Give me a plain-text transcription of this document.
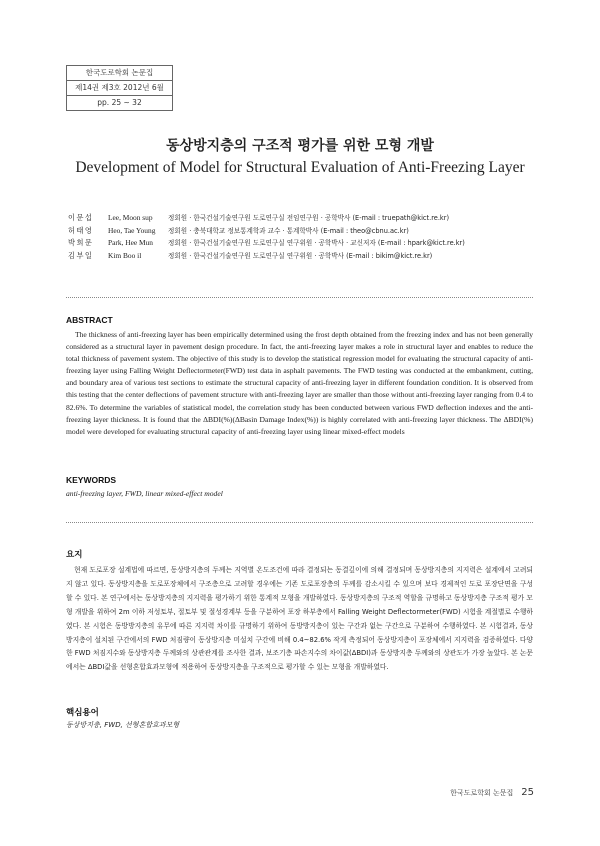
한국도로학회 논문집
제14권 제3호 2012년 6월
pp. 25 ~ 32
동상방지층의 구조적 평가를 위한 모형 개발
Development of Model for Structural Evaluation of Anti-Freezing Layer
이문섭	Lee, Moon sup	정회원 · 한국건설기술연구원 도로연구실 전임연구원 · 공학박사 (E-mail : truepath@kict.re.kr)
허태영	Heo, Tae Young	정회원 · 충북대학교 정보통계학과 교수 · 통계학박사 (E-mail : theo@cbnu.ac.kr)
박희문	Park, Hee Mun	정회원 · 한국건설기술연구원 도로연구실 연구위원 · 공학박사 · 교신저자 (E-mail : hpark@kict.re.kr)
김부일	Kim Boo il	정회원 · 한국건설기술연구원 도로연구실 연구위원 · 공학박사 (E-mail : bikim@kict.re.kr)
ABSTRACT
The thickness of anti-freezing layer has been empirically determined using the frost depth obtained from the freezing index and has not been generally considered as a structural layer in pavement design procedure. In fact, the anti-freezing layer makes a role in structural layer and enables to reduce the total thickness of pavement system. The objective of this study is to develop the statistical regression model for evaluating the structural capacity of anti-freezing layer using Falling Weight Deflectormeter(FWD) test data in asphalt pavements. The FWD testing was conducted at the embankment, cutting, and boundary area of various test sections to estimate the structural capacity of anti-freezing layer in different foundation condition. It is observed from this testing that the center deflections of pavement structure with anti-freezing layer are smaller than those without anti-freezing layer ranging from 0.4 to 82.6%. To determine the variables of statistical model, the correlation study has been conducted between various FWD deflection indexes and the anti-freezing layer thickness. It is found that the ΔBDI(%)(ΔBasin Damage Index(%)) is highly correlated with anti-freezing layer thickness. The ΔBDI(%) model were developed for evaluating structural capacity of anti-freezing layer using linear mixed-effect models
KEYWORDS
anti-freezing layer, FWD, linear mixed-effect model
요지
현재 도로포장 설계법에 따르면, 동상방지층의 두께는 지역별 온도조건에 따라 결정되는 동결깊이에 의해 결정되며 동상방지층의 지지력은 설계에서 고려되지 않고 있다. 동상방지층을 도로포장체에서 구조층으로 고려할 경우에는 기존 도로포장층의 두께를 감소시킬 수 있으며 보다 경제적인 도로 포장단면을 구성할 수 있다. 본 연구에서는 동상방지층의 지지력을 평가하기 위한 통계적 모형을 개발하였다. 동상방지층의 구조적 역할을 규명하고 동상방지층 구조적 평가 모형 개발을 위하여 2m 이하 저성토부, 절토부 및 절성경계부 등을 구분하여 포장 하부층에서 Falling Weight Deflectormeter(FWD) 시험을 계절별로 수행하였다. 본 시험은 동방방지층의 유무에 따른 지지력 차이를 규명하기 위하여 동방방지층이 있는 구간과 없는 구간으로 구분하여 수행하였다. 본 시험결과, 동상방지층이 설치된 구간에서의 FWD 처짐량이 동상방지층 미설치 구간에 비해 0.4~82.6% 작게 측정되어 동상방지층이 포장체에서 지지력을 검증하였다. 다양한 FWD 처짐지수와 동상방지층 두께와의 상관관계를 조사한 결과, 보조기층 파손지수의 차이값(ΔBDI)과 동상방지층 두께와의 상관도가 가장 높았다. 본 논문에서는 ΔBDI값을 선형혼합효과모형에 적용하여 동상방지층을 구조적으로 평가할 수 있는 모형을 개발하였다.
핵심용어
동상방지층, FWD, 선형혼합효과모형
한국도로학회 논문집 25
